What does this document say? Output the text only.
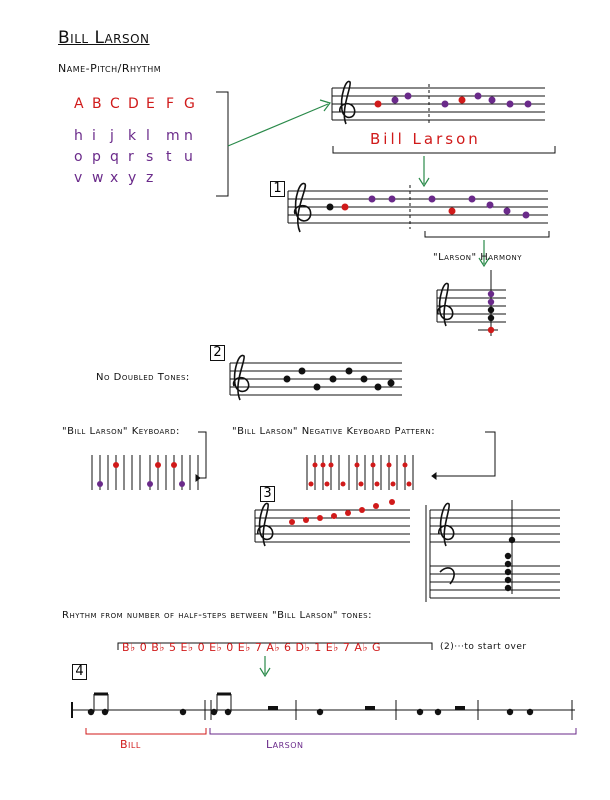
Bill Larson
Name-Pitch/Rhythm
A B C D E F G
h i j k l m n
o p q r s t u
v w x y z
Bill Larson
1
"Larson" Harmony
2
No Doubled Tones:
"Bill Larson" Keyboard:	"Bill Larson" Negative Keyboard Pattern:
3
Rhythm from number of half-steps between "Bill Larson" tones:
B♭ 0 B♭ 5 E♭ 0 E♭ 0 E♭ 7 A♭ 6 D♭ 1 E♭ 7 A♭ G	(2)···to start over
4
Bill	Larson
